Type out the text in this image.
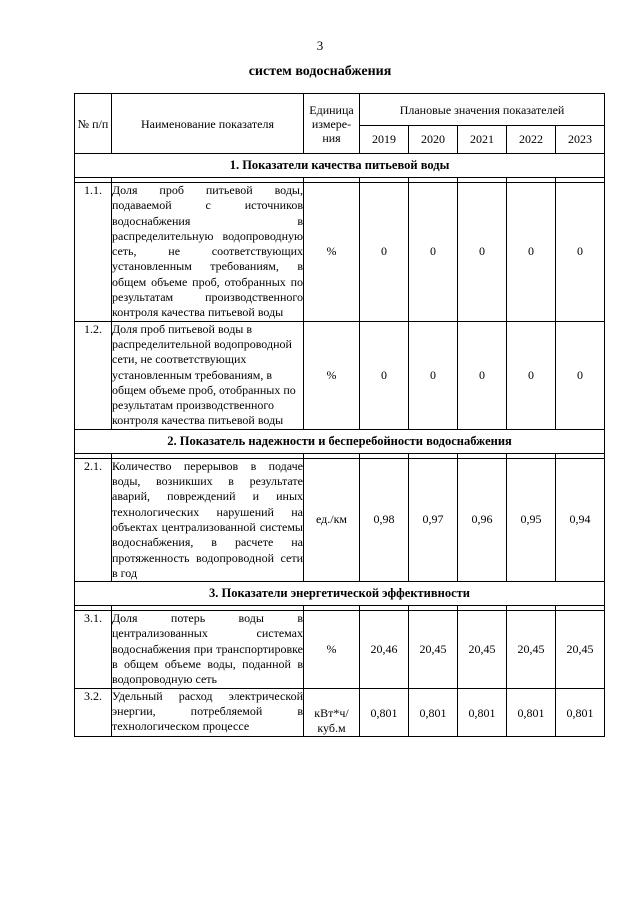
3
систем водоснабжения
№ п/п	Наименование показателя	Единица измере-ния	Плановые значения показателей				
			2019	2020	2021	2022	2023
1. Показатели качества питьевой воды							

1.1.	Доля проб питьевой воды, подаваемой с источников водоснабжения в распределительную водопроводную сеть, не соответствующих установленным требованиям, в общем объеме проб, отобранных по результатам производственного контроля качества питьевой воды	%	0	0	0	0	0
1.2.	Доля проб питьевой воды в распределительной водопроводной сети, не соответствующих установленным требованиям, в общем объеме проб, отобранных по результатам производственного контроля качества питьевой воды	%	0	0	0	0	0
2. Показатель надежности и бесперебойности водоснабжения							

2.1.	Количество перерывов в подаче воды, возникших в результате аварий, повреждений и иных технологических нарушений на объектах централизованной системы водоснабжения, в расчете на протяженность водопроводной сети в год	ед./км	0,98	0,97	0,96	0,95	0,94
3. Показатели энергетической эффективности							

3.1.	Доля потерь воды в централизованных системах водоснабжения при транспортировке в общем объеме воды, поданной в водопроводную сеть	%	20,46	20,45	20,45	20,45	20,45
3.2.	Удельный расход электрической энергии, потребляемой в технологическом процессе	кВт*ч/ куб.м	0,801	0,801	0,801	0,801	0,801
